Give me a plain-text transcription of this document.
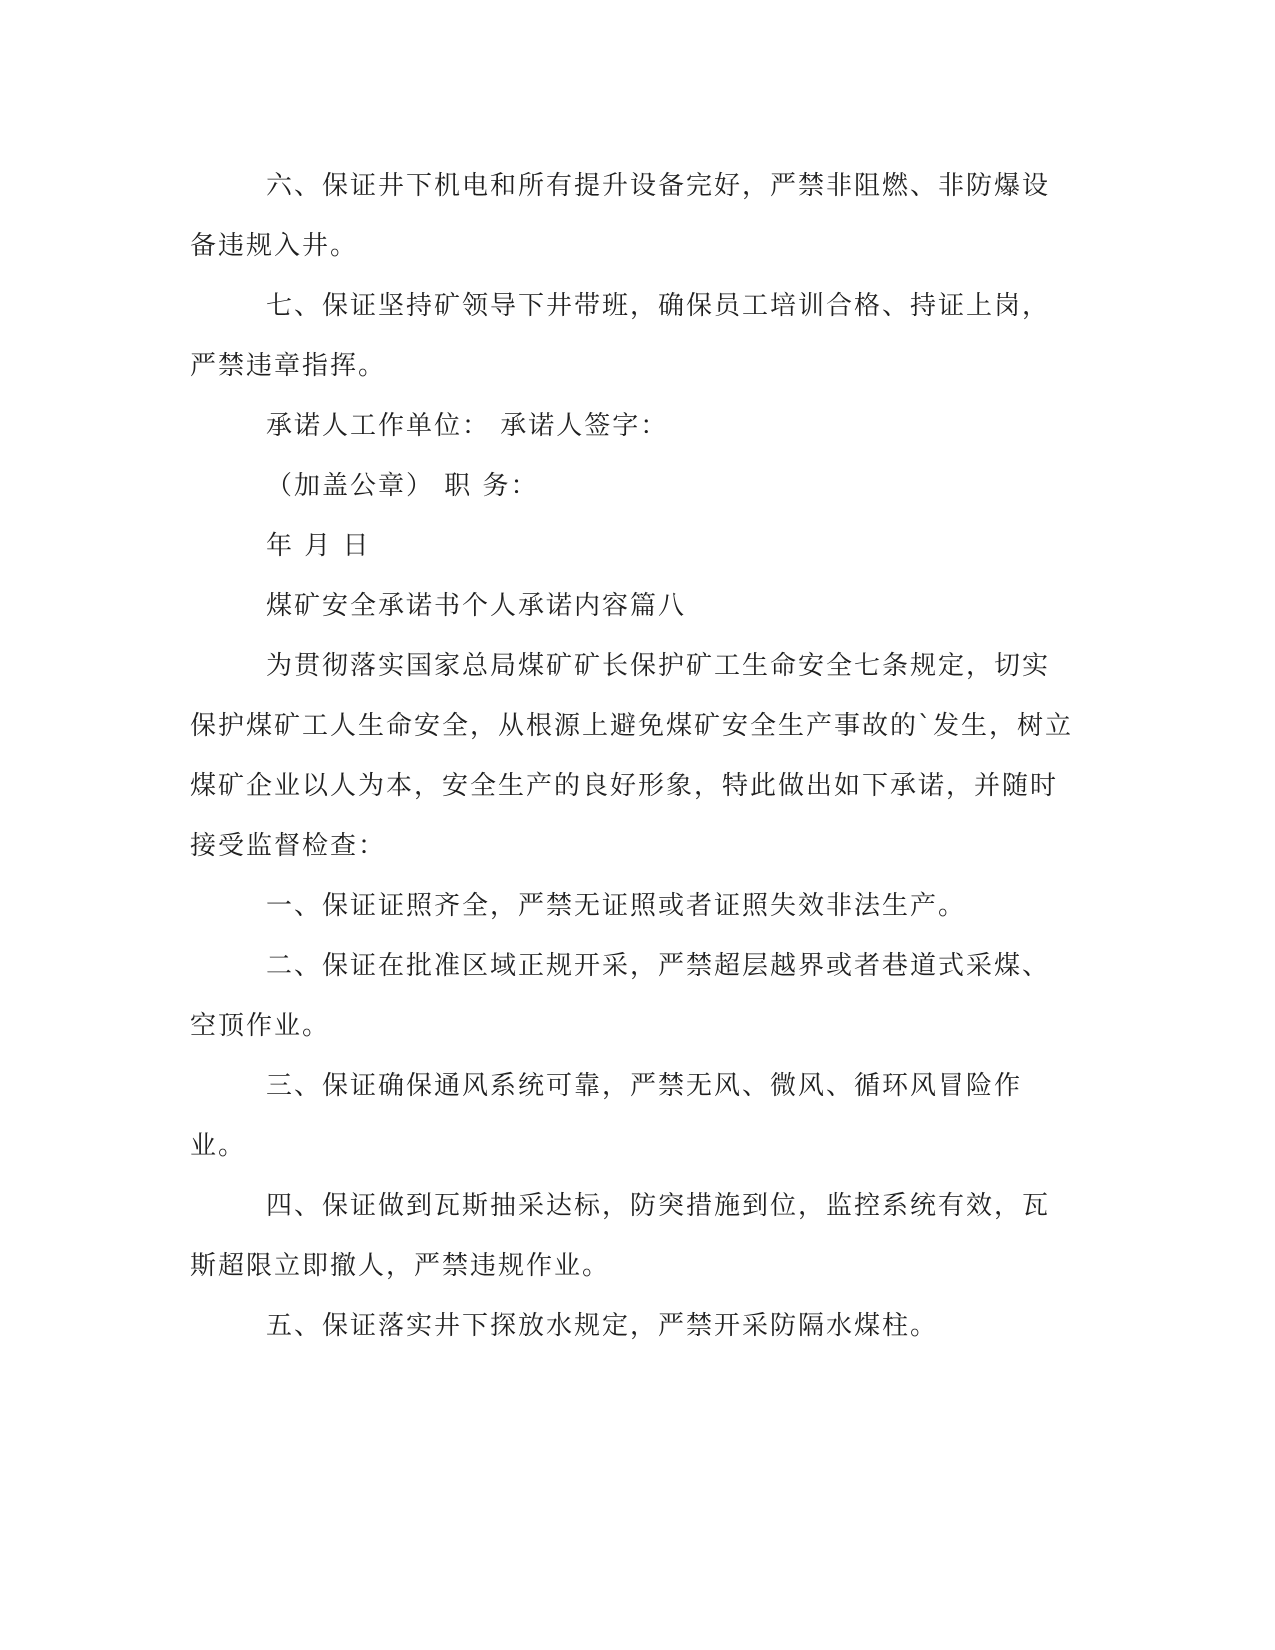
六、保证井下机电和所有提升设备完好，严禁非阻燃、非防爆设备违规入井。

七、保证坚持矿领导下井带班，确保员工培训合格、持证上岗，严禁违章指挥。

承诺人工作单位： 承诺人签字：

（加盖公章） 职 务：

年 月 日

煤矿安全承诺书个人承诺内容篇八

为贯彻落实国家总局煤矿矿长保护矿工生命安全七条规定，切实保护煤矿工人生命安全，从根源上避免煤矿安全生产事故的`发生，树立煤矿企业以人为本，安全生产的良好形象，特此做出如下承诺，并随时接受监督检查：

一、保证证照齐全，严禁无证照或者证照失效非法生产。

二、保证在批准区域正规开采，严禁超层越界或者巷道式采煤、空顶作业。

三、保证确保通风系统可靠，严禁无风、微风、循环风冒险作业。

四、保证做到瓦斯抽采达标，防突措施到位，监控系统有效，瓦斯超限立即撤人，严禁违规作业。

五、保证落实井下探放水规定，严禁开采防隔水煤柱。
